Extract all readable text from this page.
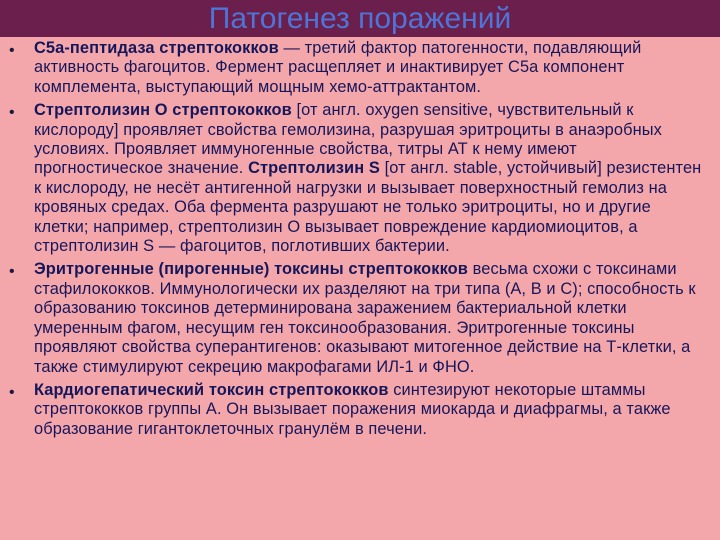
Патогенез поражений
• C5a-пептидаза стрептококков — третий фактор патогенности, подавляющий активность фагоцитов. Фермент расщепляет и инактивирует C5a компонент комплемента, выступающий мощным хемо-аттрактантом.
• Стрептолизин О стрептококков [от англ. oxygen sensitive, чувствительный к кислороду] проявляет свойства гемолизина, разрушая эритроциты в анаэробных условиях. Проявляет иммуногенные свойства, титры АТ к нему имеют прогностическое значение. Стрептолизин S [от англ. stable, устойчивый] резистентен к кислороду, не несёт антигенной нагрузки и вызывает поверхностный гемолиз на кровяных средах. Оба фермента разрушают не только эритроциты, но и другие клетки; например, стрептолизин О вызывает повреждение кардиомиоцитов, а стрептолизин S — фагоцитов, поглотивших бактерии.
• Эритрогенные (пирогенные) токсины стрептококков весьма схожи с токсинами стафилококков. Иммунологически их разделяют на три типа (А, В и С); способность к образованию токсинов детерминирована заражением бактериальной клетки умеренным фагом, несущим ген токсинообразования. Эритрогенные токсины проявляют свойства суперантигенов: оказывают митогенное действие на Т-клетки, а также стимулируют секрецию макрофагами ИЛ-1 и ФНО.
• Кардиогепатический токсин стрептококков синтезируют некоторые штаммы стрептококков группы А. Он вызывает поражения миокарда и диафрагмы, а также образование гигантоклеточных гранулём в печени.
